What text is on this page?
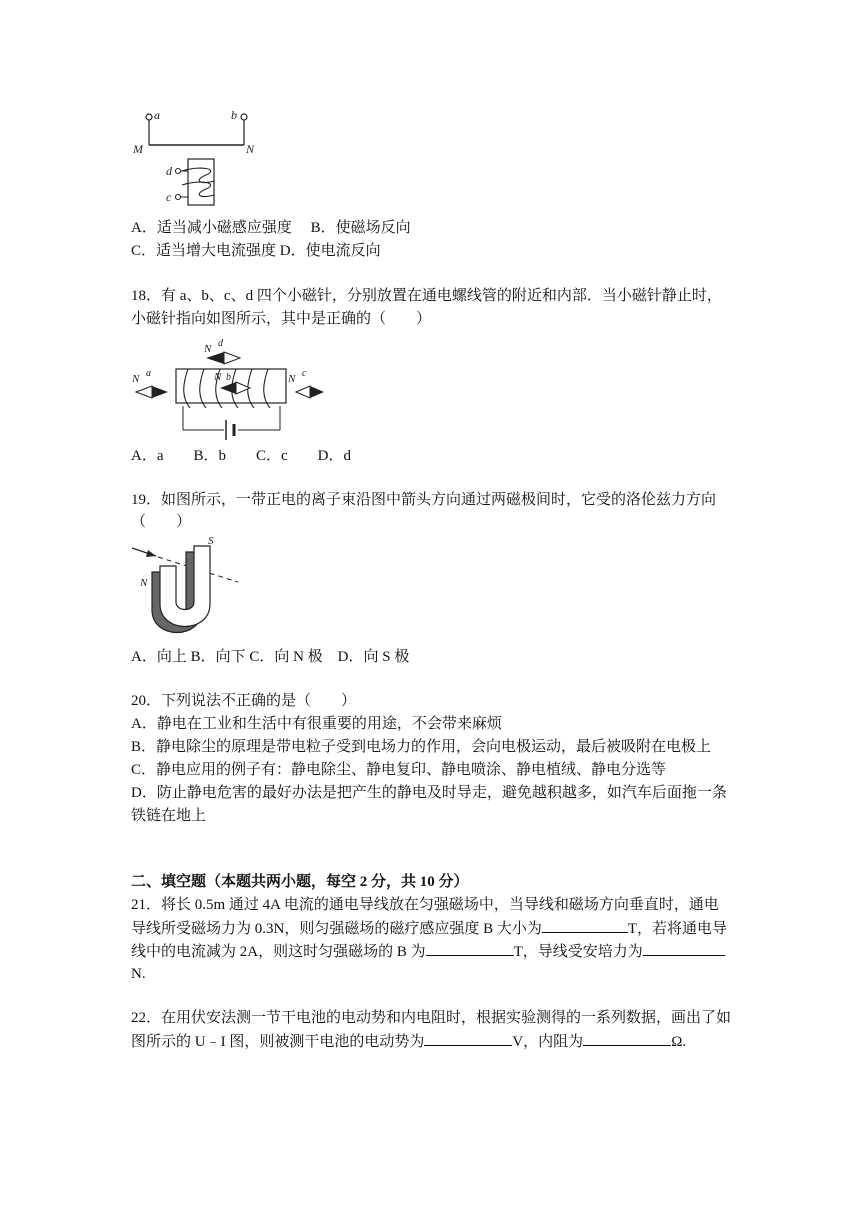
a	b
M	N
d
c
A．适当减小磁感应强度　 B．使磁场反向
C．适当增大电流强度 D．使电流反向
18．有 a、b、c、d 四个小磁针，分别放置在通电螺线管的附近和内部．当小磁针静止时，
小磁针指向如图所示，其中是正确的（　　）
N d
N b
N a	N c
A．a　　B．b　　C．c　　D．d
19．如图所示，一带正电的离子束沿图中箭头方向通过两磁极间时，它受的洛伦兹力方向
（　　）
N
S
A．向上 B．向下 C．向 N 极　D．向 S 极
20．下列说法不正确的是（　　）
A．静电在工业和生活中有很重要的用途，不会带来麻烦
B．静电除尘的原理是带电粒子受到电场力的作用，会向电极运动，最后被吸附在电极上
C．静电应用的例子有：静电除尘、静电复印、静电喷涂、静电植绒、静电分选等
D．防止静电危害的最好办法是把产生的静电及时导走，避免越积越多，如汽车后面拖一条
铁链在地上
二、填空题（本题共两小题，每空 2 分，共 10 分）
21．将长 0.5m 通过 4A 电流的通电导线放在匀强磁场中，当导线和磁场方向垂直时，通电
导线所受磁场力为 0.3N，则匀强磁场的磁疗感应强度 B 大小为	T，若将通电导
线中的电流减为 2A，则这时匀强磁场的 B 为	T，导线受安培力为
N.
22．在用伏安法测一节干电池的电动势和内电阻时，根据实验测得的一系列数据，画出了如
图所示的 U﹣I 图，则被测干电池的电动势为	V，内阻为	Ω.
